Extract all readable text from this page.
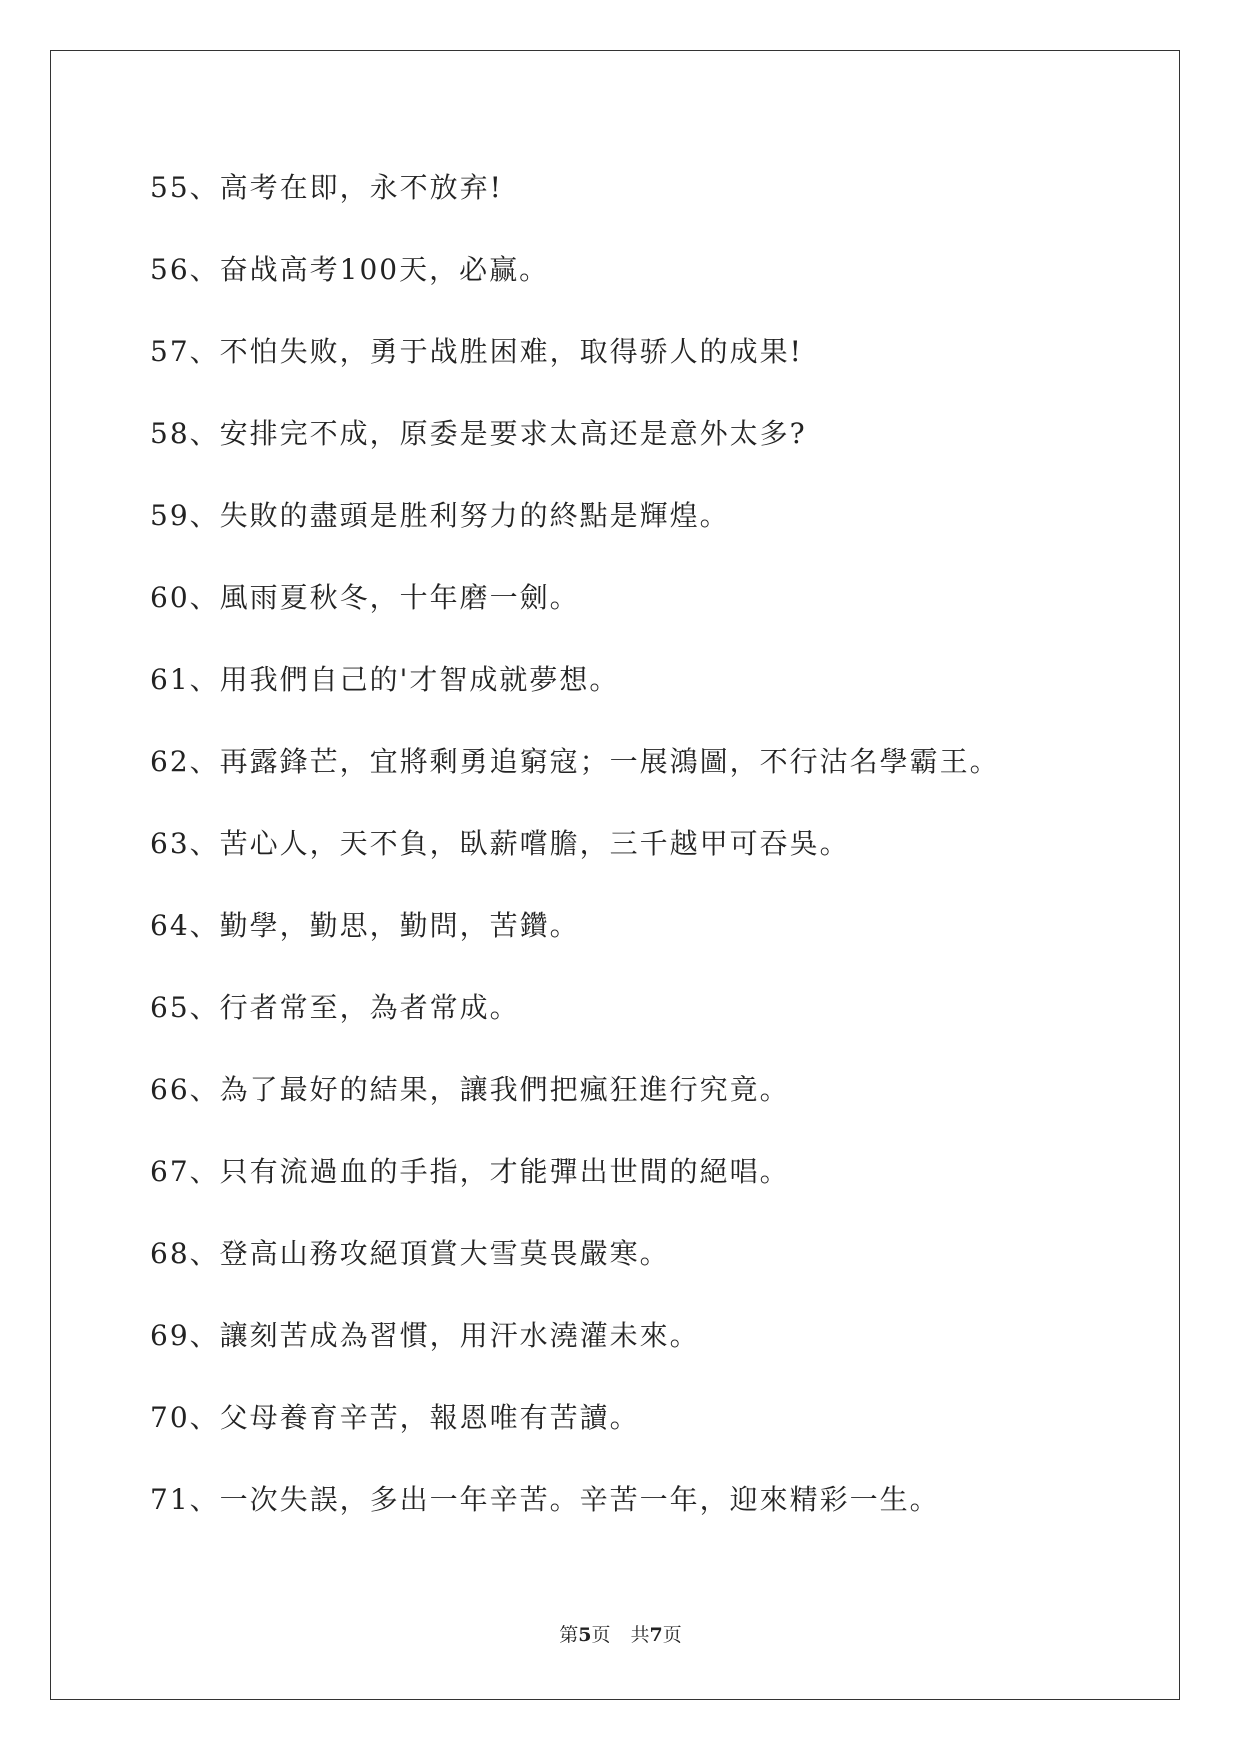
55、高考在即，永不放弃!
56、奋战高考100天，必赢。
57、不怕失败，勇于战胜困难，取得骄人的成果!
58、安排完不成，原委是要求太高还是意外太多?
59、失敗的盡頭是胜利努力的終點是輝煌。
60、風雨夏秋冬，十年磨一劍。
61、用我們自己的'才智成就夢想。
62、再露鋒芒，宜將剩勇追窮寇；一展鴻圖，不行沽名學霸王。
63、苦心人，天不負，臥薪嚐膽，三千越甲可吞吳。
64、勤學，勤思，勤問，苦鑽。
65、行者常至，為者常成。
66、為了最好的結果，讓我們把瘋狂進行究竟。
67、只有流過血的手指，才能彈出世間的絕唱。
68、登高山務攻絕頂賞大雪莫畏嚴寒。
69、讓刻苦成為習慣，用汗水澆灌未來。
70、父母養育辛苦，報恩唯有苦讀。
71、一次失誤，多出一年辛苦。辛苦一年，迎來精彩一生。
第5页 共7页
